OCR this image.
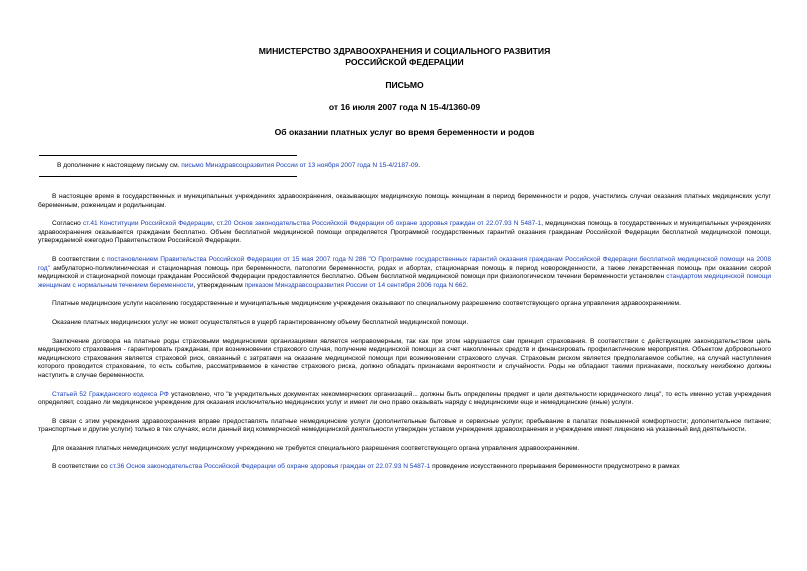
МИНИСТЕРСТВО ЗДРАВООХРАНЕНИЯ И СОЦИАЛЬНОГО РАЗВИТИЯ
РОССИЙСКОЙ ФЕДЕРАЦИИ
ПИСЬМО
от 16 июля 2007 года N 15-4/1360-09
Об оказании платных услуг во время беременности и родов
В дополнение к настоящему письму см. письмо Минздравсоцразвития России от 13 ноября 2007 года N 15-4/2187-09.

В настоящее время в государственных и муниципальных учреждениях здравоохранения, оказывающих медицинскую помощь женщинам в период беременности и родов, участились случаи оказания платных медицинских услуг беременным, роженицам и родильницам.

Согласно ст.41 Конституции Российской Федерации, ст.20 Основ законодательства Российской Федерации об охране здоровья граждан от 22.07.93 N 5487-1, медицинская помощь в государственных и муниципальных учреждениях здравоохранения оказывается гражданам бесплатно. Объем бесплатной медицинской помощи определяется Программой государственных гарантий оказания гражданам Российской Федерации бесплатной медицинской помощи, утверждаемой ежегодно Правительством Российской Федерации.

В соответствии с постановлением Правительства Российской Федерации от 15 мая 2007 года N 286 "О Программе государственных гарантий оказания гражданам Российской Федерации бесплатной медицинской помощи на 2008 год" амбулаторно-поликлиническая и стационарная помощь при беременности, патологии беременности, родах и абортах, стационарная помощь в период новорожденности, а также лекарственная помощь при оказании скорой медицинской и стационарной помощи гражданам Российской Федерации предоставляется бесплатно. Объем бесплатной медицинской помощи при физиологическом течении беременности установлен стандартом медицинской помощи женщинам с нормальным течением беременности, утвержденным приказом Минздравсоцразвития России от 14 сентября 2006 года N 662.

Платные медицинские услуги населению государственные и муниципальные медицинские учреждения оказывают по специальному разрешению соответствующего органа управления здравоохранением.

Оказание платных медицинских услуг не может осуществляться в ущерб гарантированному объему бесплатной медицинской помощи.

Заключение договора на платные роды страховыми медицинскими организациями является неправомерным, так как при этом нарушается сам принцип страхования. В соответствии с действующим законодательством цель медицинского страхования - гарантировать гражданам, при возникновении страхового случая, получение медицинской помощи за счет накопленных средств и финансировать профилактические мероприятия. Объектом добровольного медицинского страхования является страховой риск, связанный с затратами на оказание медицинской помощи при возникновении страхового случая. Страховым риском является предполагаемое событие, на случай наступления которого проводится страхование, то есть событие, рассматриваемое в качестве страхового риска, должно обладать признаками вероятности и случайности. Роды не обладают такими признаками, поскольку неизбежно должны наступить в случае беременности.

Статьей 52 Гражданского кодекса РФ установлено, что "в учредительных документах некоммерческих организаций... должны быть определены предмет и цели деятельности юридического лица", то есть именно устав учреждения определяет, создано ли медицинское учреждение для оказания исключительно медицинских услуг и имеет ли оно право оказывать наряду с медицинскими еще и немедицинские (иные) услуги.

В связи с этим учреждения здравоохранения вправе предоставлять платные немедицинские услуги (дополнительные бытовые и сервисные услуги; пребывание в палатах повышенной комфортности; дополнительное питание; транспортные и другие услуги) только в тех случаях, если данный вид коммерческой немедицинской деятельности утвержден уставом учреждения здравоохранения и учреждение имеет лицензию на указанный вид деятельности.

Для оказания платных немедицинских услуг медицинскому учреждению не требуется специального разрешения соответствующего органа управления здравоохранением.

В соответствии со ст.36 Основ законодательства Российской Федерации об охране здоровья граждан от 22.07.93 N 5487-1 проведение искусственного прерывания беременности предусмотрено в рамках
